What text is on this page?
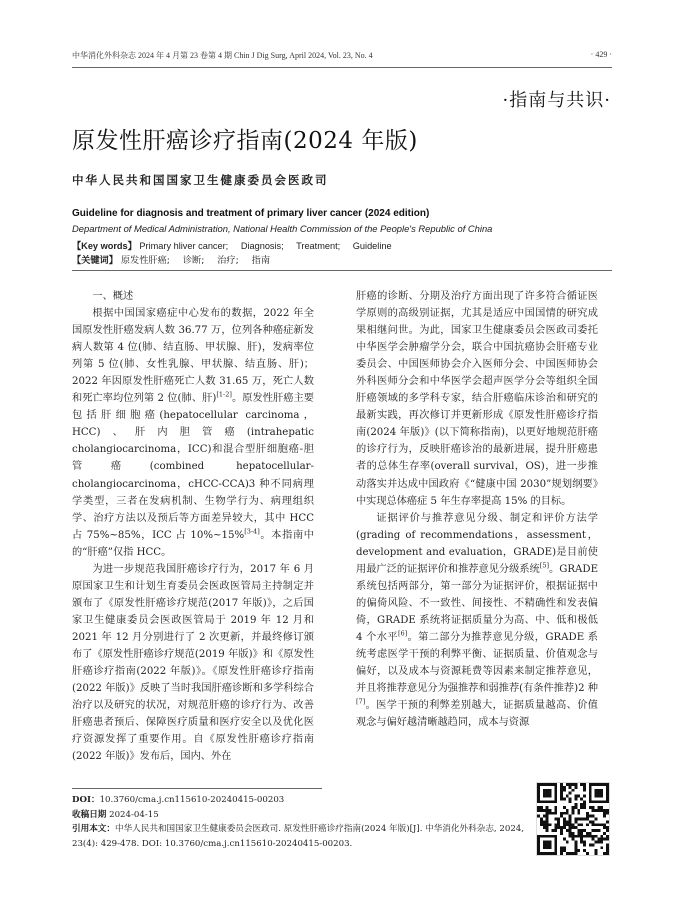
中华消化外科杂志 2024 年 4 月第 23 卷第 4 期 Chin J Dig Surg, April 2024, Vol. 23, No. 4	· 429 ·
·指南与共识·
原发性肝癌诊疗指南(2024 年版)
中华人民共和国国家卫生健康委员会医政司
Guideline for diagnosis and treatment of primary liver cancer (2024 edition)
Department of Medical Administration, National Health Commission of the People's Republic of China
【Key words】 Primary hliver cancer; Diagnosis; Treatment; Guideline
【关键词】 原发性肝癌; 诊断; 治疗; 指南

一、概述

根据中国国家癌症中心发布的数据，2022 年全国原发性肝癌发病人数 36.77 万，位列各种癌症新发病人数第 4 位(肺、结直肠、甲状腺、肝)，发病率位列第 5 位(肺、女性乳腺、甲状腺、结直肠、肝)；2022 年因原发性肝癌死亡人数 31.65 万，死亡人数和死亡率均位列第 2 位(肺、肝)[1-2]。原发性肝癌主要包括肝细胞癌(hepatocellular carcinoma，HCC)、肝内胆管癌(intrahepatic cholangiocarcinoma，ICC)和混合型肝细胞癌-胆管癌(combined hepatocellular-cholangiocarcinoma，cHCC-CCA)3 种不同病理学类型，三者在发病机制、生物学行为、病理组织学、治疗方法以及预后等方面差异较大，其中 HCC 占 75%~85%，ICC 占 10%~15%[3-4]。本指南中的“肝癌”仅指 HCC。

为进一步规范我国肝癌诊疗行为，2017 年 6 月原国家卫生和计划生育委员会医政医管局主持制定并颁布了《原发性肝癌诊疗规范(2017 年版)》，之后国家卫生健康委员会医政医管局于 2019 年 12 月和 2021 年 12 月分别进行了 2 次更新，并最终修订颁布了《原发性肝癌诊疗规范(2019 年版)》和《原发性肝癌诊疗指南(2022 年版)》。《原发性肝癌诊疗指南(2022 年版)》反映了当时我国肝癌诊断和多学科综合治疗以及研究的状况，对规范肝癌的诊疗行为、改善肝癌患者预后、保障医疗质量和医疗安全以及优化医疗资源发挥了重要作用。自《原发性肝癌诊疗指南(2022 年版)》发布后，国内、外在

肝癌的诊断、分期及治疗方面出现了许多符合循证医学原则的高级别证据，尤其是适应中国国情的研究成果相继问世。为此，国家卫生健康委员会医政司委托中华医学会肿瘤学分会，联合中国抗癌协会肝癌专业委员会、中国医师协会介入医师分会、中国医师协会外科医师分会和中华医学会超声医学分会等组织全国肝癌领域的多学科专家，结合肝癌临床诊治和研究的最新实践，再次修订并更新形成《原发性肝癌诊疗指南(2024 年版)》(以下简称指南)，以更好地规范肝癌的诊疗行为，反映肝癌诊治的最新进展，提升肝癌患者的总体生存率(overall survival，OS)，进一步推动落实并达成中国政府《“健康中国 2030”规划纲要》中实现总体癌症 5 年生存率提高 15% 的目标。

证据评价与推荐意见分级、制定和评价方法学(grading of recommendations，assessment，development and evaluation，GRADE)是目前使用最广泛的证据评价和推荐意见分级系统[5]。GRADE 系统包括两部分，第一部分为证据评价，根据证据中的偏倚风险、不一致性、间接性、不精确性和发表偏倚，GRADE 系统将证据质量分为高、中、低和极低 4 个水平[6]。第二部分为推荐意见分级，GRADE 系统考虑医学干预的利弊平衡、证据质量、价值观念与偏好，以及成本与资源耗费等因素来制定推荐意见，并且将推荐意见分为强推荐和弱推荐(有条件推荐)2 种[7]。医学干预的利弊差别越大，证据质量越高、价值观念与偏好越清晰越趋同，成本与资源

DOI：10.3760/cma.j.cn115610-20240415-00203
收稿日期 2024-04-15
引用本文：中华人民共和国国家卫生健康委员会医政司. 原发性肝癌诊疗指南(2024 年版)[J]. 中华消化外科杂志, 2024, 23(4): 429-478. DOI: 10.3760/cma.j.cn115610-20240415-00203.
